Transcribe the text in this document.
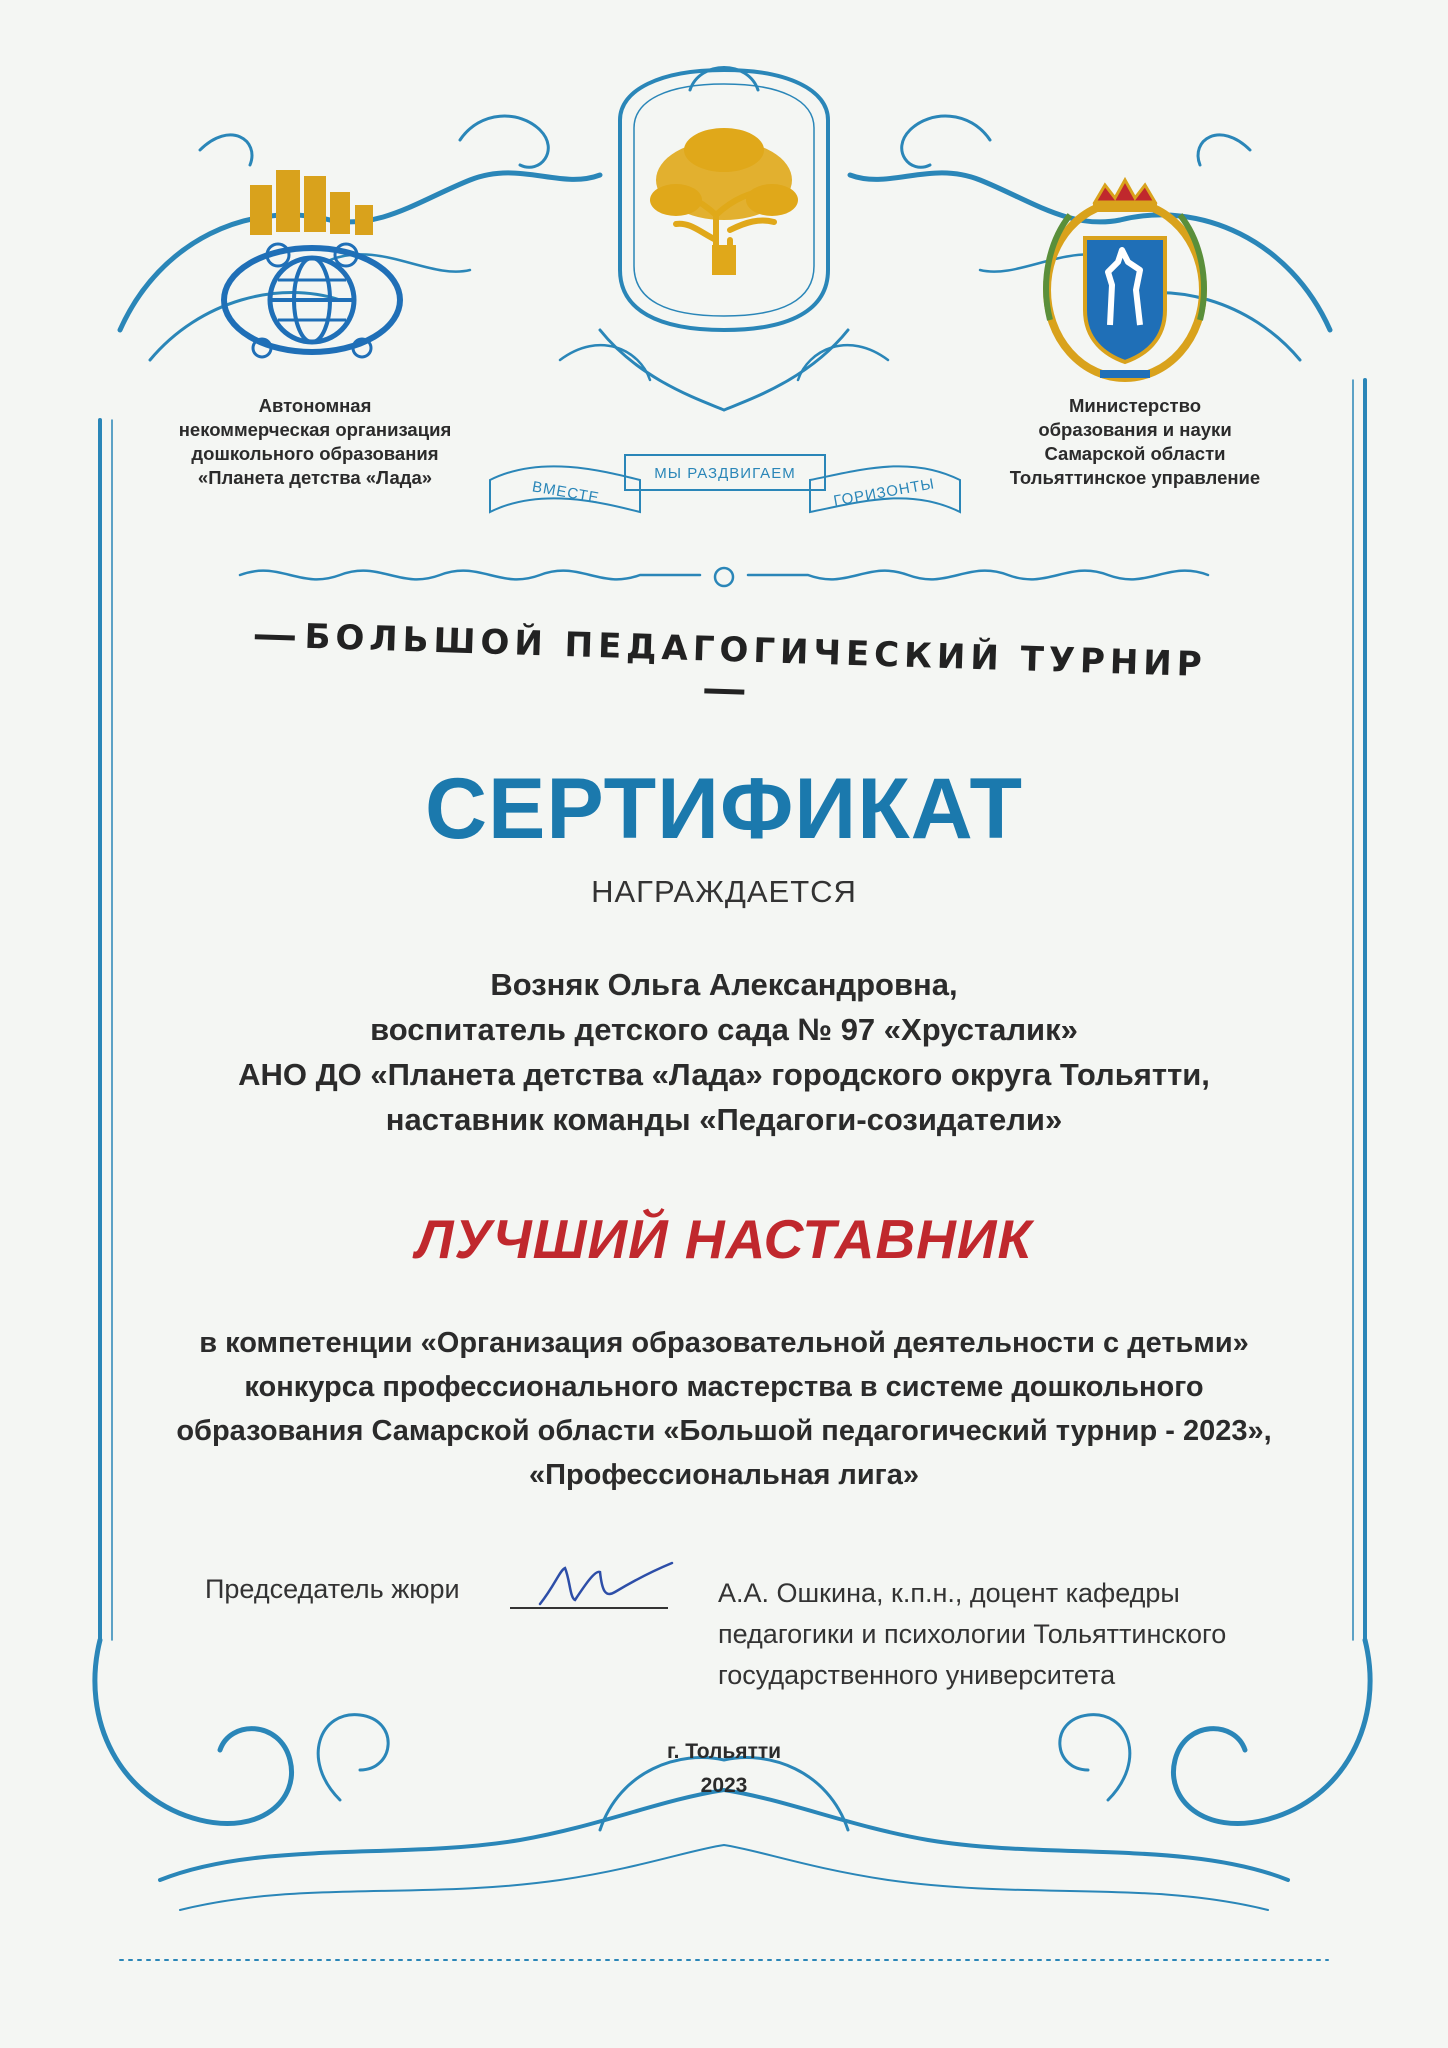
ВМЕСТЕ
МЫ РАЗДВИГАЕМ
ГОРИЗОНТЫ
Автономная
некоммерческая организация
дошкольного образования
«Планета детства «Лада»
Министерство
образования и науки
Самарской области
Тольяттинское управление
БОЛЬШОЙ ПЕДАГОГИЧЕСКИЙ ТУРНИР
СЕРТИФИКАТ
НАГРАЖДАЕТСЯ
Возняк Ольга Александровна,
воспитатель детского сада № 97 «Хрусталик»
АНО ДО «Планета детства «Лада» городского округа Тольятти,
наставник команды «Педагоги-созидатели»
ЛУЧШИЙ НАСТАВНИК
в компетенции «Организация образовательной деятельности с детьми»
конкурса профессионального мастерства в системе дошкольного
образования Самарской области «Большой педагогический турнир - 2023»,
«Профессиональная лига»
Председатель жюри	А.А. Ошкина, к.п.н., доцент кафедры
педагогики и психологии Тольяттинского
государственного университета
г. Тольятти
2023
